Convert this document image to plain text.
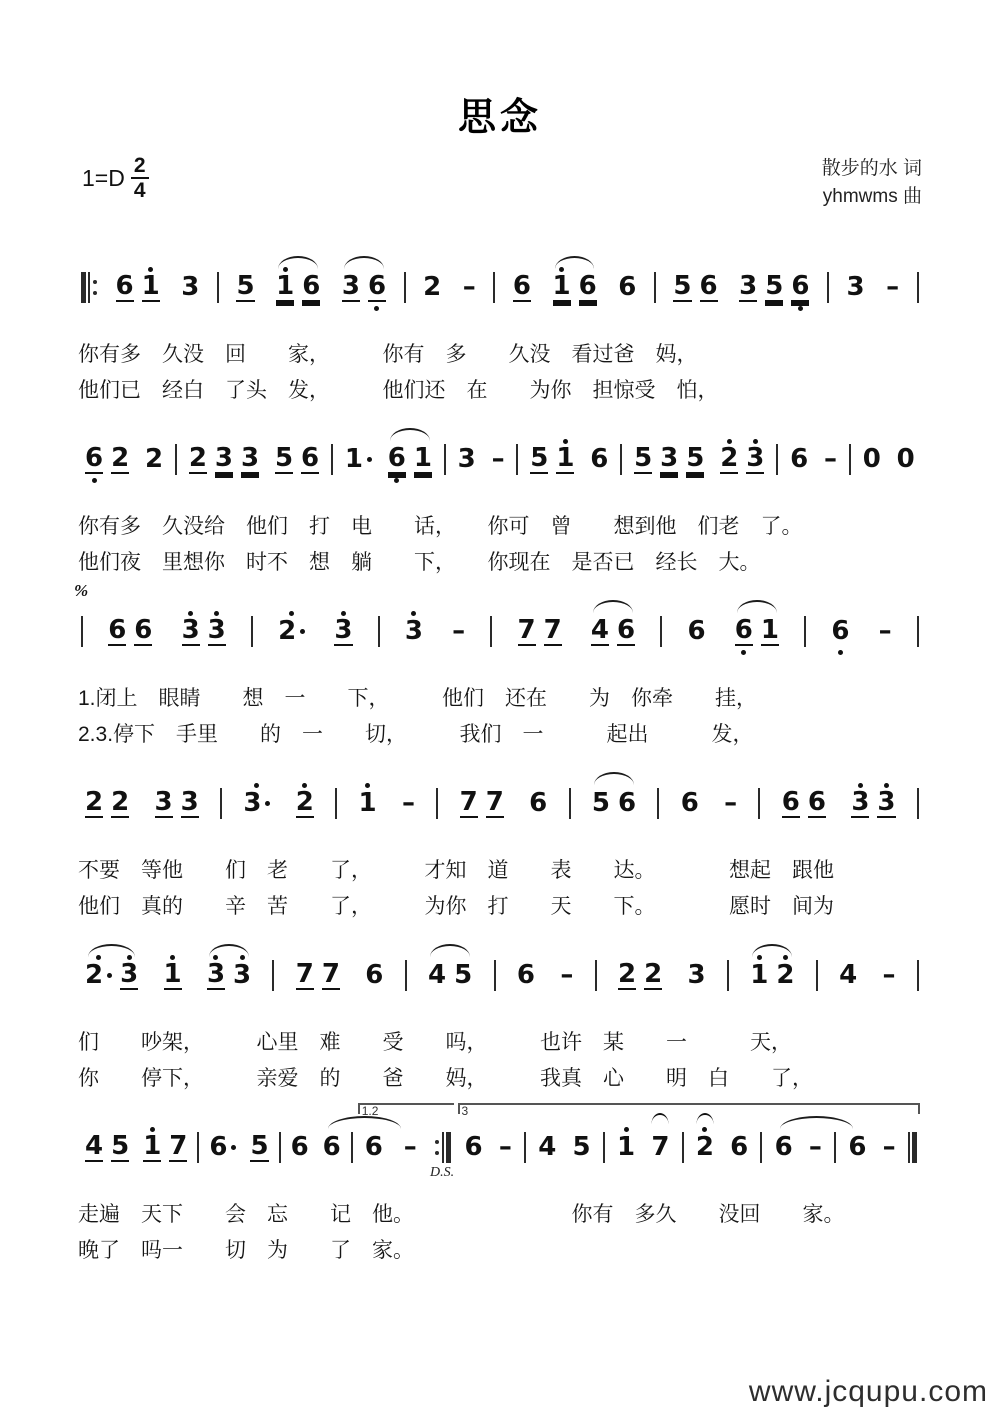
思念
$1=D \frac{2}{4}$	散步的水 词
yhmwms 曲
6 1 3 5 1 6 3 6 2 – 6 1 6 6 5 6 3 5 6 3 –
你有多　久没　回　　家，　　　你有　多　　久没　看过爸　妈，
他们已　经白　了头　发，　　　他们还　在　　为你　担惊受　怕，
6 2 2 2 3 3 5 6 1 6 1 3 – 5 1 6 5 3 5 2 3 6 – 0 0
你有多　久没给　他们　打　电　　话，　　你可　曾　　想到他　们老　了。
他们夜　里想你　时不　想　躺　　下，　　你现在　是否已　经长　大。
%
6 6 3 3 2 3 3 – 7 7 4 6 6 6 1 6 –
1.闭上　眼睛　　想　一　　下，　　　他们　还在　　为　你牵　　挂，
2.3.停下　手里　　的　一　　切，　　　我们　一　　　起出　　　发，
2 2 3 3 3 2 1 – 7 7 6 5 6 6 – 6 6 3 3
不要　等他　　们　老　　了，　　　才知　道　　表　　达。　　　　想起　跟他
他们　真的　　辛　苦　　了，　　　为你　打　　天　　下。　　　　愿时　间为
2 3 1 3 3 7 7 6 4 5 6 – 2 2 3 1 2 4 –
们　　吵架，　　　心里　难　　受　　吗，　　　也许　某　　一　　　天，
你　　停下，　　　亲爱　的　　爸　　妈，　　　我真　心　　明　白　　了，
4 5 1 7 6 5 6 6
1.2
6 –
D.S.
3
6 – 4 5 1 7 2 6 6 – 6 –
走遍　天下　　会　忘　　记　他。　　　　　　　　你有　多久　　没回　　家。
晚了　吗一　　切　为　　了　家。
www.jcqupu.com
